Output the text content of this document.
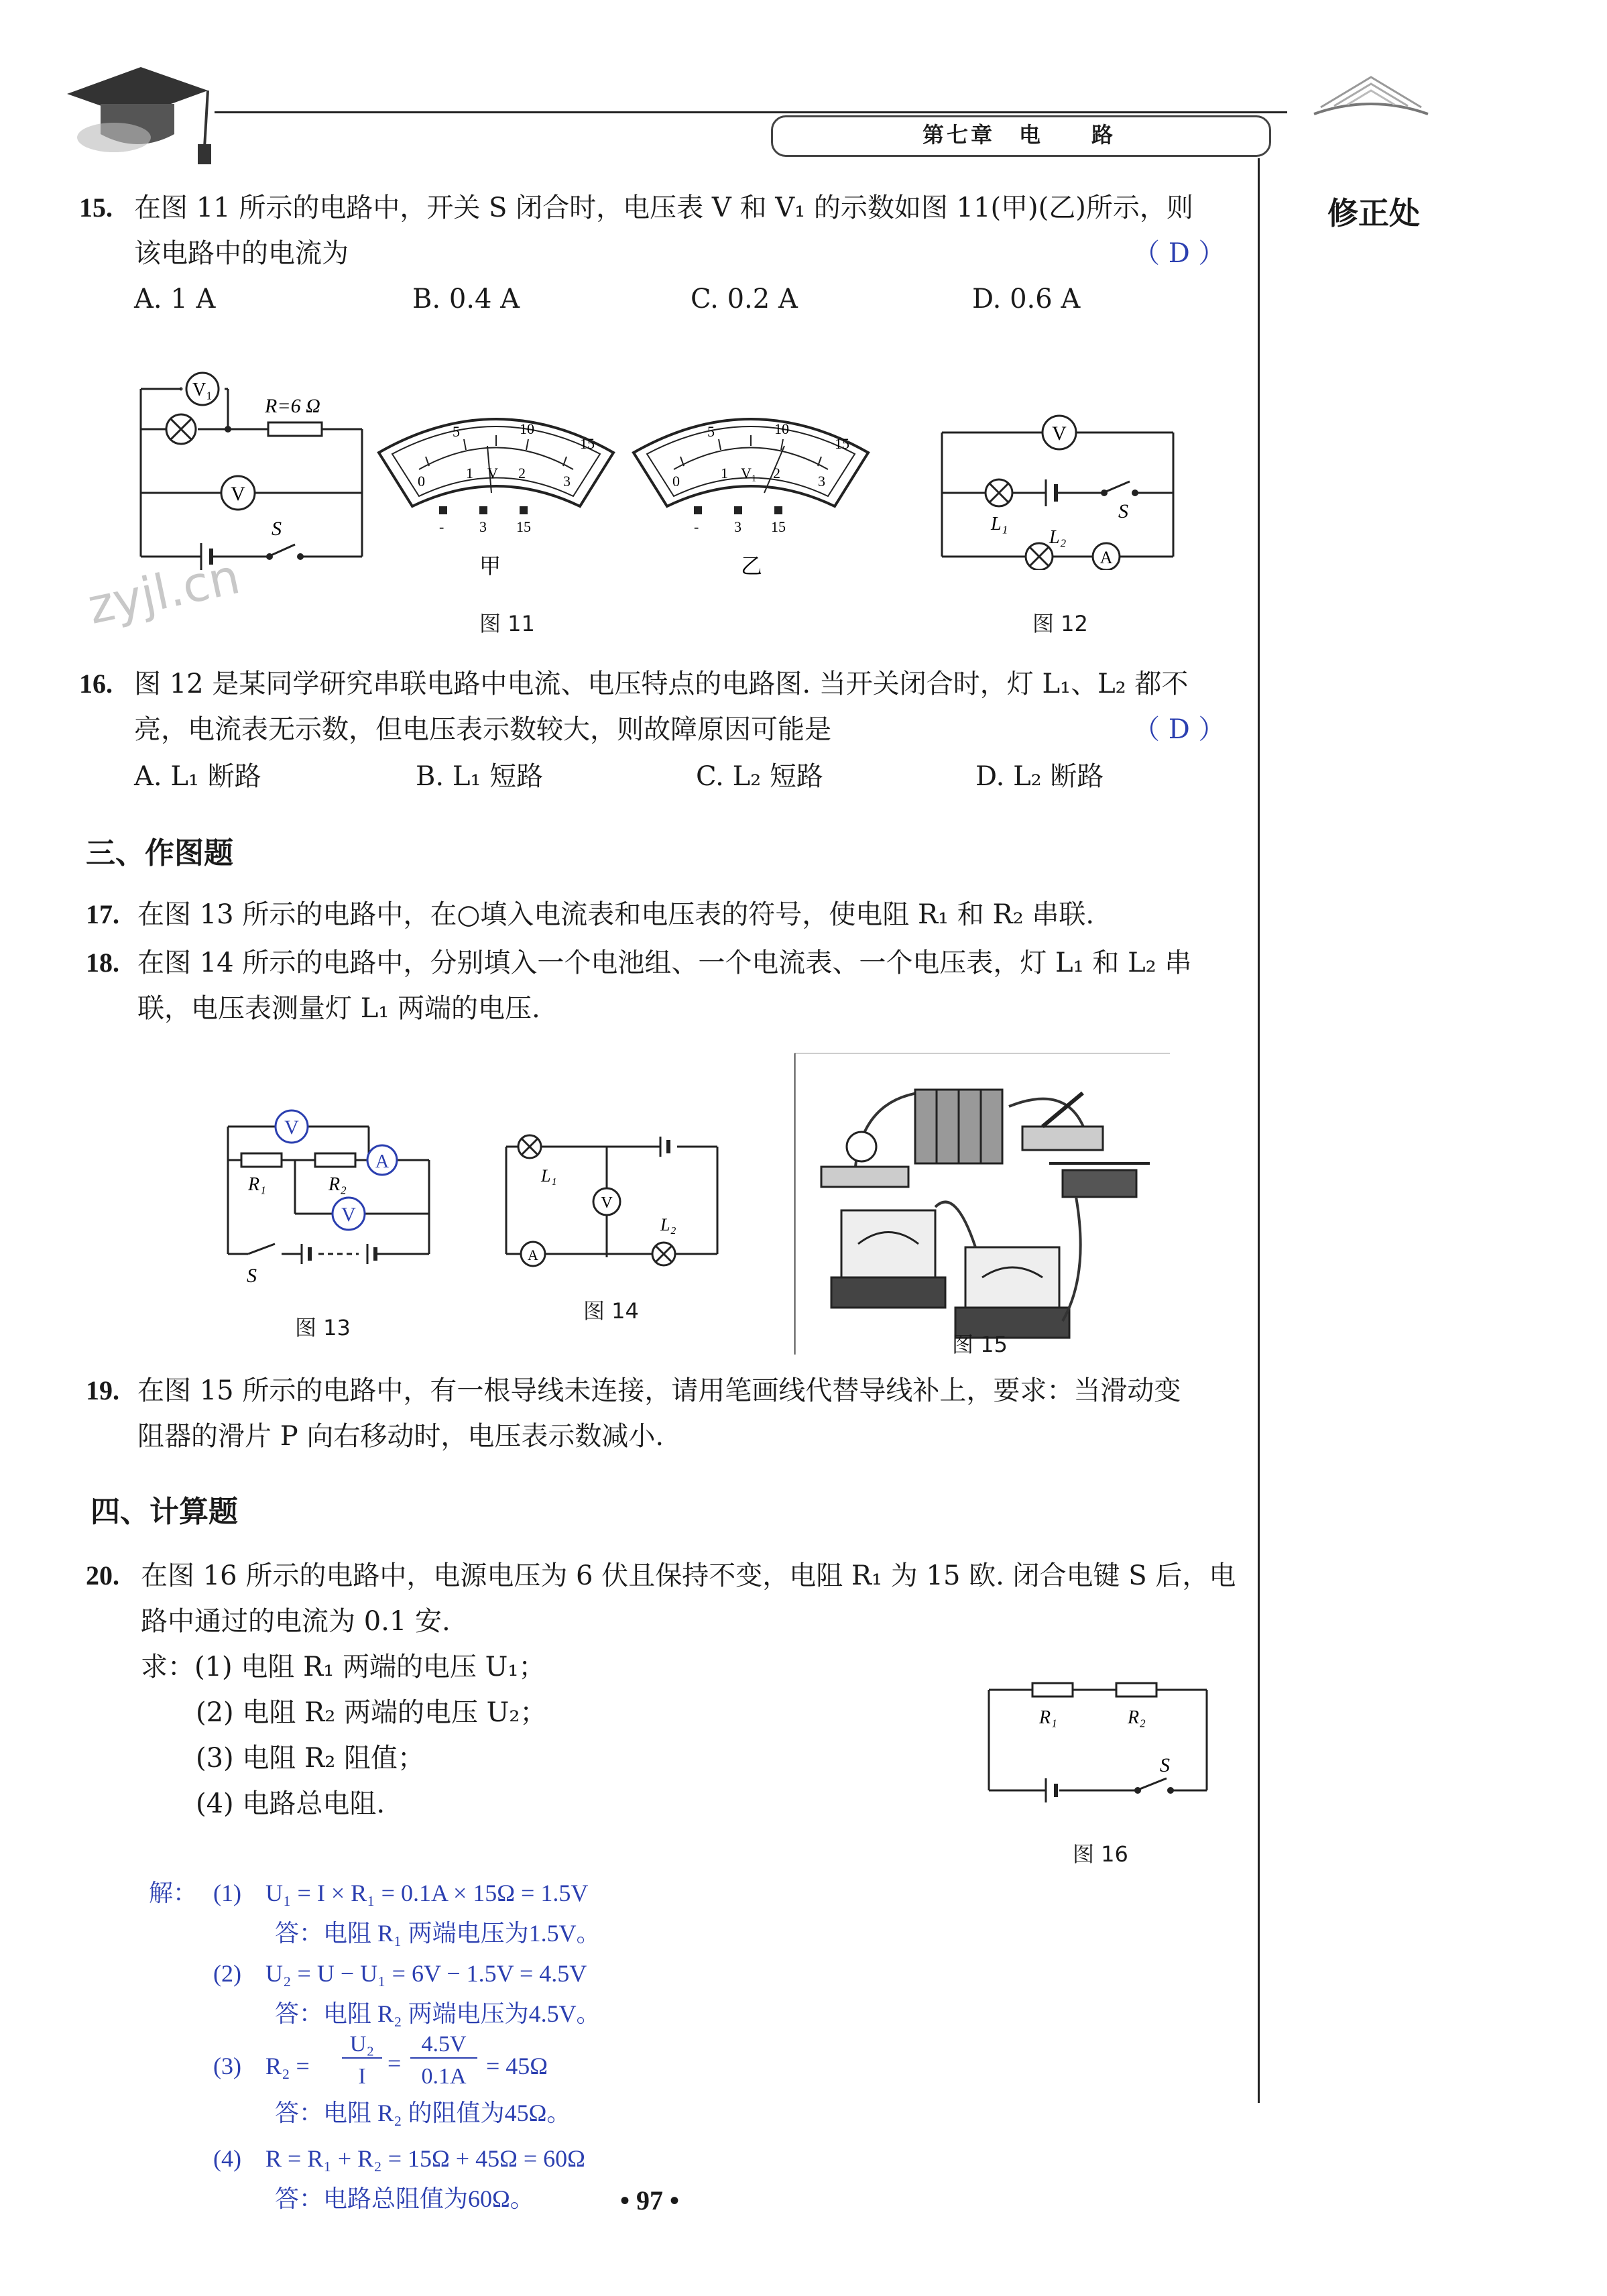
第七章　电　　路
修正处
15. 在图 11 所示的电路中，开关 S 闭合时，电压表 V 和 V₁ 的示数如图 11(甲)(乙)所示，则
该电路中的电流为	（ D ）
A. 1 A	B. 0.4 A	C. 0.2 A	D. 0.6 A
V₁
R=6 Ω
V
S
5	10
15
0	1	2	3
V
- 3 15
甲
5	10
15
0	1	2	3
V₁
- 3 15
乙
图 11
zyjl.cn
V
L₁
S
L₂
A
图 12
16. 图 12 是某同学研究串联电路中电流、电压特点的电路图. 当开关闭合时，灯 L₁、L₂ 都不
亮，电流表无示数，但电压表示数较大，则故障原因可能是	（ D ）
A. L₁ 断路	B. L₁ 短路	C. L₂ 短路	D. L₂ 断路
三、作图题
17. 在图 13 所示的电路中，在○填入电流表和电压表的符号，使电阻 R₁ 和 R₂ 串联.
18. 在图 14 所示的电路中，分别填入一个电池组、一个电流表、一个电压表，灯 L₁ 和 L₂ 串
联，电压表测量灯 L₁ 两端的电压.
V
A
V
R₁	R₂
S
图 13
L₁
V
A
L₂
图 14
图 15
19. 在图 15 所示的电路中，有一根导线未连接，请用笔画线代替导线补上，要求：当滑动变
阻器的滑片 P 向右移动时，电压表示数减小.
四、计算题
20. 在图 16 所示的电路中，电源电压为 6 伏且保持不变，电阻 R₁ 为 15 欧. 闭合电键 S 后，电
路中通过的电流为 0.1 安.
求：(1) 电阻 R₁ 两端的电压 U₁；
(2) 电阻 R₂ 两端的电压 U₂；
(3) 电阻 R₂ 阻值；
(4) 电路总电阻.
R₁	R₂
S
图 16
解： (1)　U₁ = I × R₁ = 0.1A × 15Ω = 1.5V
答：电阻 R₁ 两端电压为1.5V。
(2)　U₂ = U − U₁ = 6V − 1.5V = 4.5V
答：电阻 R₂ 两端电压为4.5V。
(3)　R₂ =
U₂
I =
4.5V
0.1A = 45Ω
答：电阻 R₂ 的阻值为45Ω。
(4)　R = R₁ + R₂ = 15Ω + 45Ω = 60Ω
答：电路总阻值为60Ω。	• 97 •
